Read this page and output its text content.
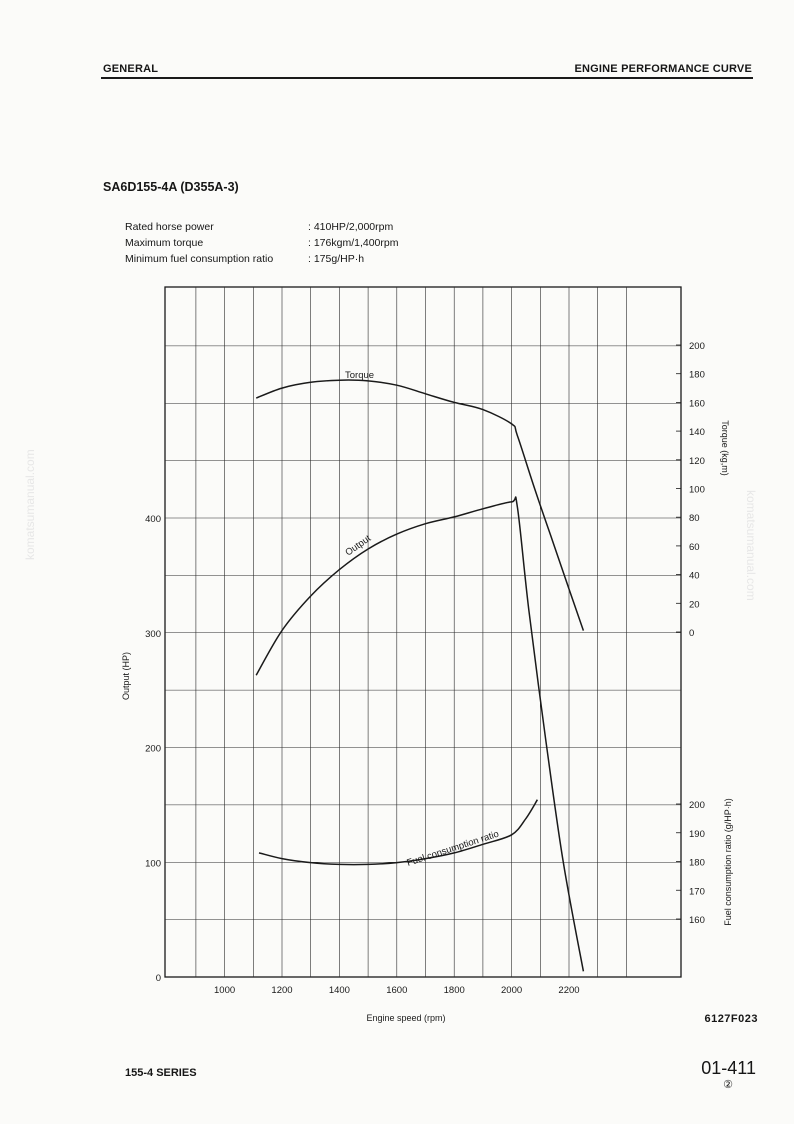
GENERAL	ENGINE PERFORMANCE CURVE
SA6D155-4A (D355A-3)
Rated horse power	: 410HP/2,000rpm
Maximum torque	: 176kgm/1,400rpm
Minimum fuel consumption ratio	: 175g/HP·h
komatsumanual.com	komatsumanual.com
1000	1200	1400	1600	1800	2000	2200
0
100
200
300
400
0
20
40
60
80
100
120
140
160
180
200
160
170
180
190
200
Torque
Output
Fuel consumption ratio
Engine speed (rpm)
Output (HP)
Torque (kg,m)
Fuel consumption ratio (g/HP·h)
6127F023
155-4 SERIES	01-411
②
